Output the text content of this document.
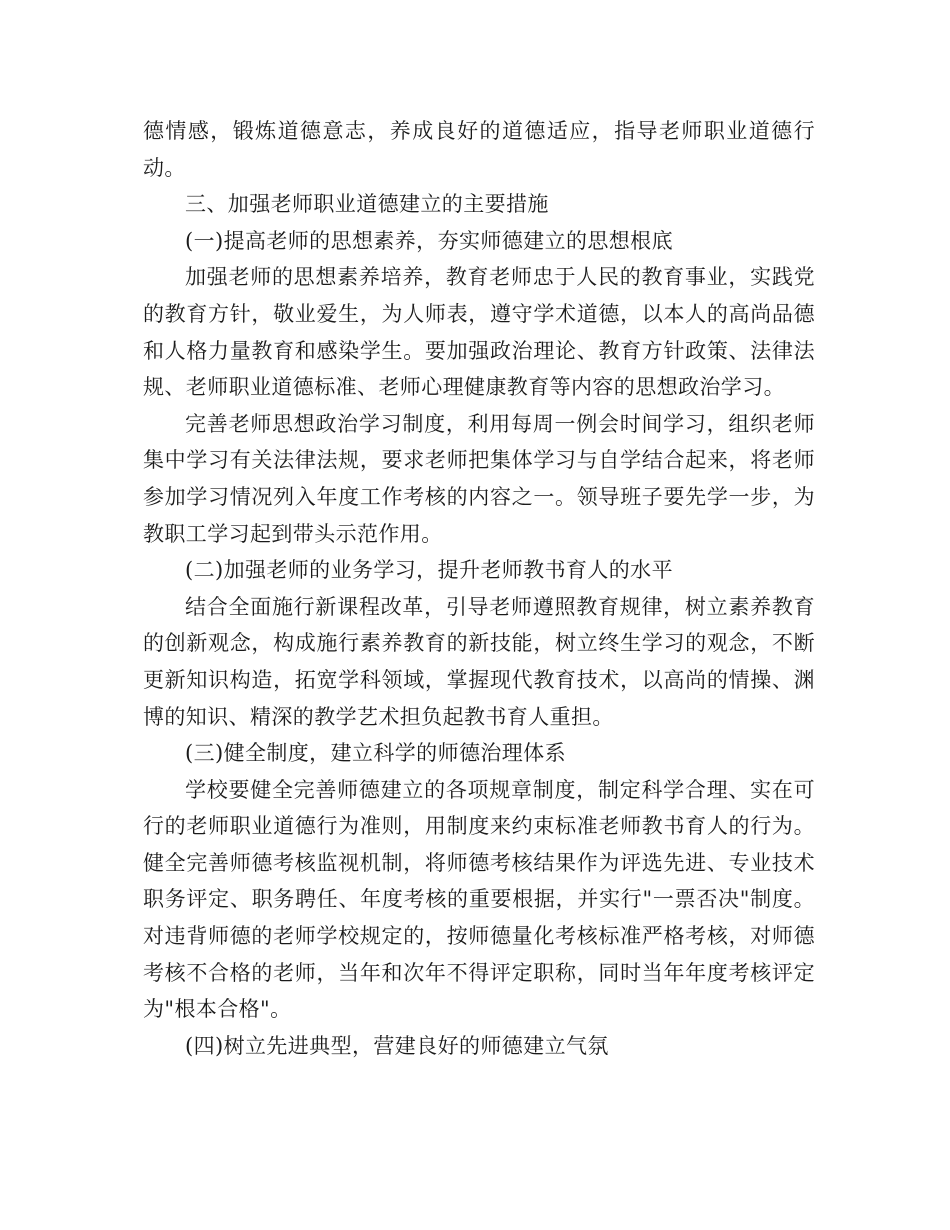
德情感，锻炼道德意志，养成良好的道德适应，指导老师职业道德行动。

三、加强老师职业道德建立的主要措施

(一)提高老师的思想素养，夯实师德建立的思想根底

加强老师的思想素养培养，教育老师忠于人民的教育事业，实践党的教育方针，敬业爱生，为人师表，遵守学术道德，以本人的高尚品德和人格力量教育和感染学生。要加强政治理论、教育方针政策、法律法规、老师职业道德标准、老师心理健康教育等内容的思想政治学习。

完善老师思想政治学习制度，利用每周一例会时间学习，组织老师集中学习有关法律法规，要求老师把集体学习与自学结合起来，将老师参加学习情况列入年度工作考核的内容之一。领导班子要先学一步，为教职工学习起到带头示范作用。

(二)加强老师的业务学习，提升老师教书育人的水平

结合全面施行新课程改革，引导老师遵照教育规律，树立素养教育的创新观念，构成施行素养教育的新技能，树立终生学习的观念，不断更新知识构造，拓宽学科领域，掌握现代教育技术，以高尚的情操、渊博的知识、精深的教学艺术担负起教书育人重担。

(三)健全制度，建立科学的师德治理体系

学校要健全完善师德建立的各项规章制度，制定科学合理、实在可行的老师职业道德行为准则，用制度来约束标准老师教书育人的行为。健全完善师德考核监视机制，将师德考核结果作为评选先进、专业技术职务评定、职务聘任、年度考核的重要根据，并实行"一票否决"制度。对违背师德的老师学校规定的，按师德量化考核标准严格考核，对师德考核不合格的老师，当年和次年不得评定职称，同时当年年度考核评定为"根本合格"。

(四)树立先进典型，营建良好的师德建立气氛
